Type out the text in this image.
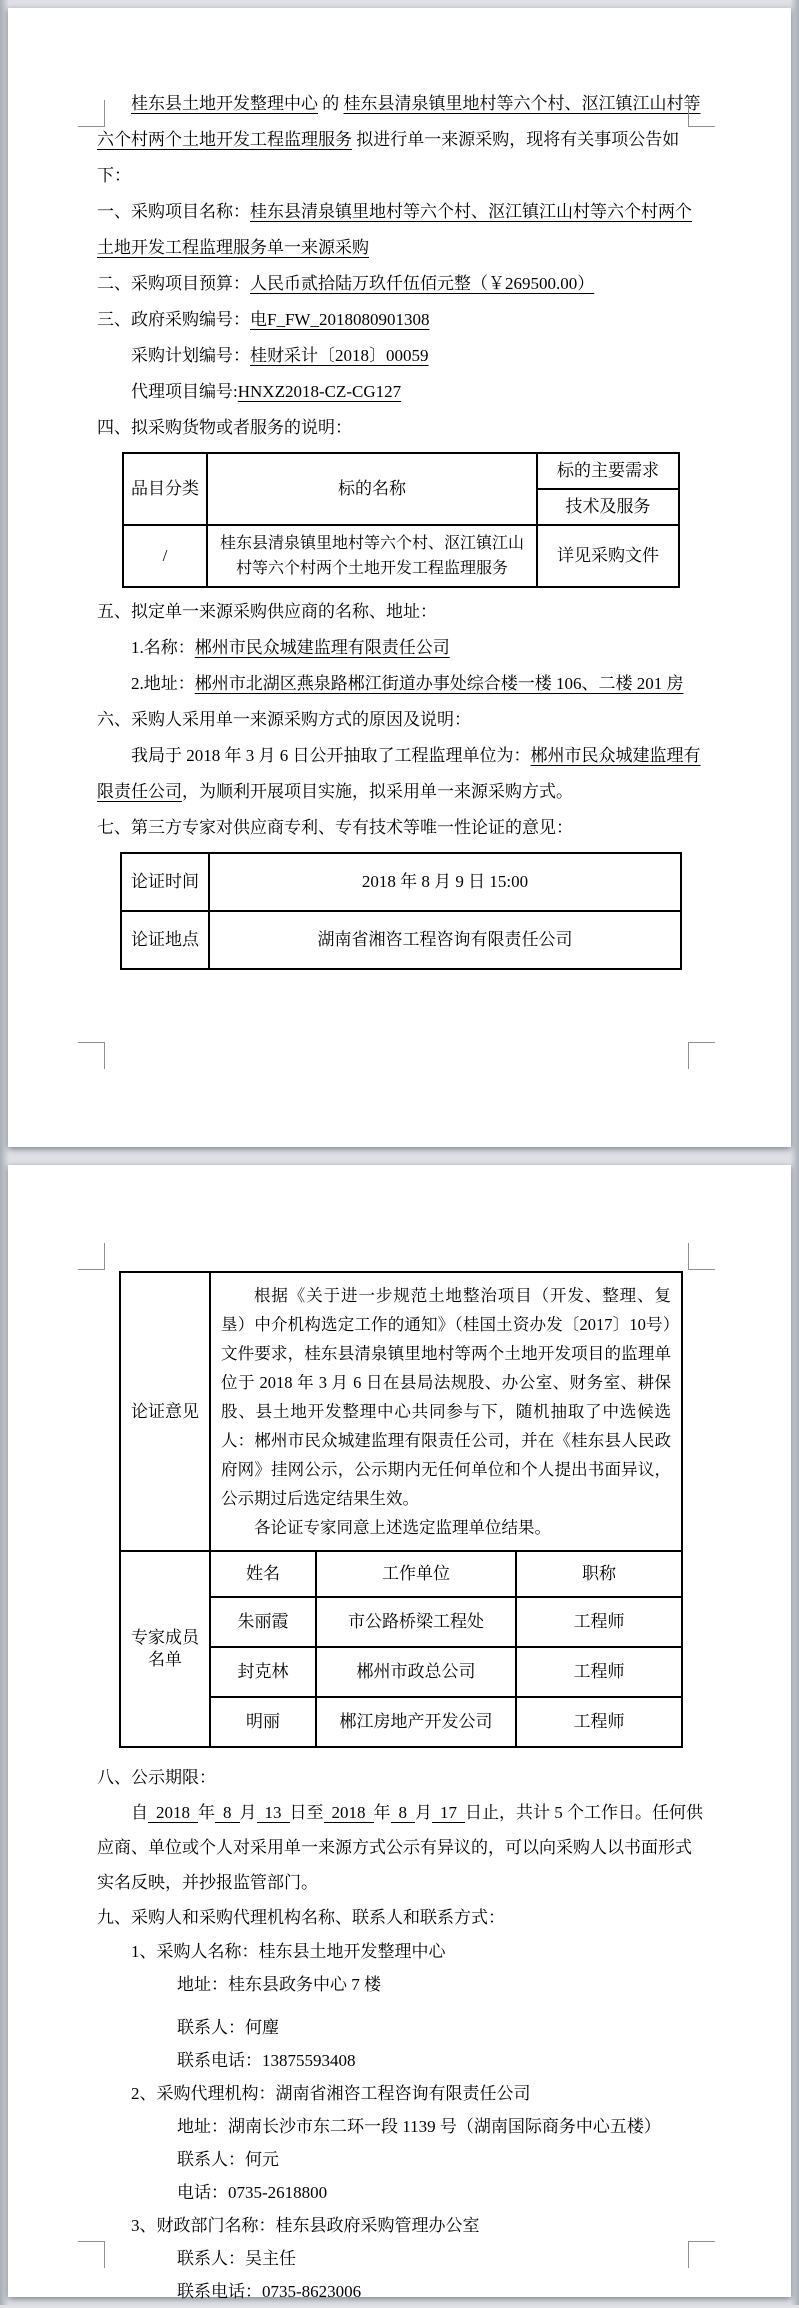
桂东县土地开发整理中心 的 桂东县清泉镇里地村等六个村、沤江镇江山村等六个村两个土地开发工程监理服务 拟进行单一来源采购，现将有关事项公告如下：

一、采购项目名称：桂东县清泉镇里地村等六个村、沤江镇江山村等六个村两个土地开发工程监理服务单一来源采购

二、采购项目预算：人民币贰拾陆万玖仟伍佰元整（￥269500.00）

三、政府采购编号：电F_FW_2018080901308

采购计划编号：桂财采计〔2018〕00059

代理项目编号:HNXZ2018-CZ-CG127

四、拟采购货物或者服务的说明：

品目分类	标的名称	标的主要需求
		技术及服务
/	桂东县清泉镇里地村等六个村、沤江镇江山村等六个村两个土地开发工程监理服务	详见采购文件

五、拟定单一来源采购供应商的名称、地址：

1.名称：郴州市民众城建监理有限责任公司

2.地址：郴州市北湖区燕泉路郴江街道办事处综合楼一楼 106、二楼 201 房

六、采购人采用单一来源采购方式的原因及说明：

我局于 2018 年 3 月 6 日公开抽取了工程监理单位为：郴州市民众城建监理有限责任公司，为顺利开展项目实施，拟采用单一来源采购方式。

七、第三方专家对供应商专利、专有技术等唯一性论证的意见：

论证时间	2018 年 8 月 9 日 15:00
论证地点	湖南省湘咨工程咨询有限责任公司
论证意见	根据《关于进一步规范土地整治项目（开发、整理、复垦）中介机构选定工作的通知》（桂国土资办发〔2017〕10号）文件要求，桂东县清泉镇里地村等两个土地开发项目的监理单位于 2018 年 3 月 6 日在县局法规股、办公室、财务室、耕保股、县土地开发整理中心共同参与下，随机抽取了中选候选人：郴州市民众城建监理有限责任公司，并在《桂东县人民政府网》挂网公示，公示期内无任何单位和个人提出书面异议，公示期过后选定结果生效。

各论证专家同意上述选定监理单位结果。		

专家成员名单	姓名	工作单位	职称
	朱丽霞	市公路桥梁工程处	工程师
	封克林	郴州市政总公司	工程师
	明丽	郴江房地产开发公司	工程师

八、公示期限：

自 2018 年 8 月 13 日至 2018 年 8 月 17 日止，共计 5 个工作日。任何供应商、单位或个人对采用单一来源方式公示有异议的，可以向采购人以书面形式实名反映，并抄报监管部门。

九、采购人和采购代理机构名称、联系人和联系方式：

1、采购人名称：桂东县土地开发整理中心

地址：桂东县政务中心 7 楼

联系人：何麈

联系电话：13875593408

2、采购代理机构：湖南省湘咨工程咨询有限责任公司

地址：湖南长沙市东二环一段 1139 号（湖南国际商务中心五楼）

联系人：何元

电话：0735-2618800

3、财政部门名称：桂东县政府采购管理办公室

联系人：吴主任

联系电话：0735-8623006
